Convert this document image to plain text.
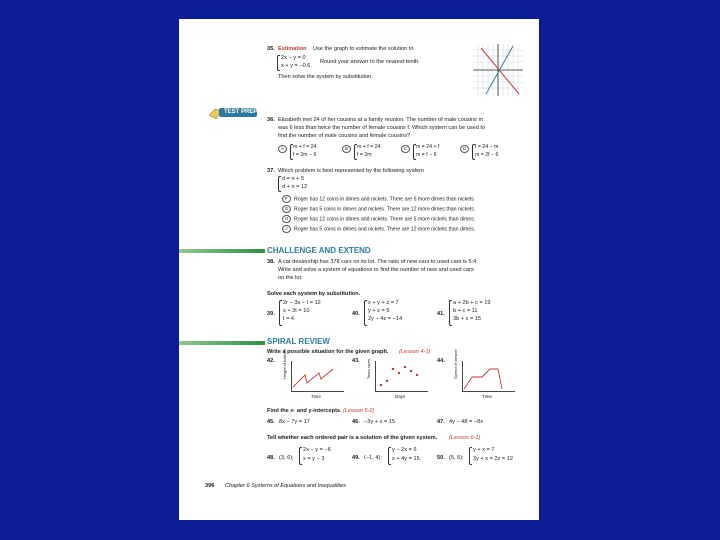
35. Estimation Use the graph to estimate the solution to
2x − y = 0
x + y = −0.6
Round your answer to the nearest tenth.
Then solve the system by substitution.
TEST PREP
36. Elizabeth met 24 of her cousins at a family reunion. The number of male cousins m
was 6 less than twice the number of female cousins f. Which system can be used to
find the number of male cousins and female cousins?
A	m + f = 24
f = 2m − 6
B	m + f = 24
f = 2m
C	m = 24 + f
m = f − 6
D	f = 24 − m
m = 2f − 6
37. Which problem is best represented by the following system
d = n + 5
d + n = 12
F Roger has 12 coins in dimes and nickels. There are 5 more dimes than nickels.
G Roger has 5 coins in dimes and nickels. There are 12 more dimes than nickels.
H Roger has 12 coins in dimes and nickels. There are 5 more nickels than dimes.
J Roger has 5 coins in dimes and nickels. There are 12 more nickels than dimes.
CHALLENGE AND EXTEND
38. A car dealership has 378 cars on its lot. The ratio of new cars to used cars is 5:4.
Write and solve a system of equations to find the number of new and used cars
on the lot.
Solve each system by substitution.
39.
2r − 3s − t = 12
s + 3t = 10
t = 4
40.
x + y + z = 7
y + z = 5
2y − 4z = −14
41.
a + 2b + c = 19
b + c = 11
3b + c = 15
SPIRAL REVIEW
Write a possible situation for the given graph. (Lesson 4-1)
42. Height of balloon
Time
43. Team sizes
Days
44. Speed of vehicle
Time
Find the x- and y-intercepts. (Lesson 5-2)
45. 8x − 7y = 17	46. −3y + x = 15	47. 4y − 48 = −8x
Tell whether each ordered pair is a solution of the given system. (Lesson 6-1)
48. (3, 6);
2x − y = −6
x = y − 3	49. (−1, 4);
y − 2x = 6
x + 4y = 15	50. (5, 5);
y + x = 7
3y + x = 2z = 12
396 Chapter 6 Systems of Equations and Inequalities
